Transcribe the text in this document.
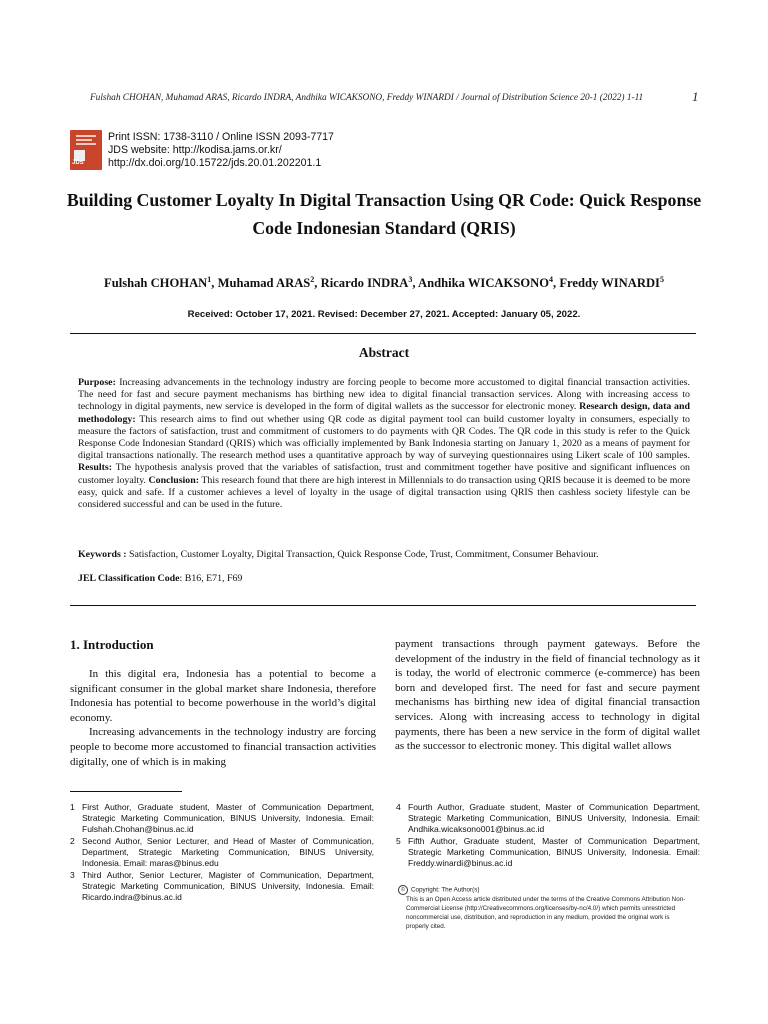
Fulshah CHOHAN, Muhamad ARAS, Ricardo INDRA, Andhika WICAKSONO, Freddy WINARDI / Journal of Distribution Science 20-1 (2022) 1-11	1
JDS
Print ISSN: 1738-3110 / Online ISSN 2093-7717
JDS website: http://kodisa.jams.or.kr/
http://dx.doi.org/10.15722/jds.20.01.202201.1
Building Customer Loyalty In Digital Transaction Using QR Code: Quick Response Code Indonesian Standard (QRIS)
Fulshah CHOHAN$^1$, Muhamad ARAS$^2$, Ricardo INDRA$^3$, Andhika WICAKSONO$^4$, Freddy WINARDI$^5$
Received: October 17, 2021. Revised: December 27, 2021. Accepted: January 05, 2022.
Abstract
Purpose: Increasing advancements in the technology industry are forcing people to become more accustomed to digital financial transaction activities. The need for fast and secure payment mechanisms has birthing new idea to digital financial transaction services. Along with increasing access to technology in digital payments, new service is developed in the form of digital wallets as the successor for electronic money. Research design, data and methodology: This research aims to find out whether using QR code as digital payment tool can build customer loyalty in consumers, especially to measure the factors of satisfaction, trust and commitment of customers to do payments with QR Codes. The QR code in this study is refer to the Quick Response Code Indonesian Standard (QRIS) which was officially implemented by Bank Indonesia starting on January 1, 2020 as a means of payment for digital transactions nationally. The research method uses a quantitative approach by way of surveying questionnaires using Likert scale of 100 samples. Results: The hypothesis analysis proved that the variables of satisfaction, trust and commitment together have positive and significant influences on customer loyalty. Conclusion: This research found that there are high interest in Millennials to do transaction using QRIS because it is deemed to be more easy, quick and safe. If a customer achieves a level of loyalty in the usage of digital transaction using QRIS then cashless society lifestyle can be considered successful and can be used in the future.
Keywords : Satisfaction, Customer Loyalty, Digital Transaction, Quick Response Code, Trust, Commitment, Consumer Behaviour.
JEL Classification Code: B16, E71, F69
1. Introduction

In this digital era, Indonesia has a potential to become a significant consumer in the global market share Indonesia, therefore Indonesia has potential to become powerhouse in the world’s digital economy.

Increasing advancements in the technology industry are forcing people to become more accustomed to financial transaction activities digitally, one of which is in making

payment transactions through payment gateways. Before the development of the industry in the field of financial technology as it is today, the world of electronic commerce (e-commerce) has been born and developed first. The need for fast and secure payment mechanisms has birthing new idea of digital financial transaction services. Along with increasing access to technology in digital payments, there has been a new service in the form of digital wallet as the successor to electronic money. This digital wallet allows

1 First Author, Graduate student, Master of Communication Department, Strategic Marketing Communication, BINUS University, Indonesia. Email: Fulshah.Chohan@binus.ac.id
2 Second Author, Senior Lecturer, and Head of Master of Communication, Department, Strategic Marketing Communication, BINUS University, Indonesia. Email: maras@binus.edu
3 Third Author, Senior Lecturer, Magister of Communication, Department, Strategic Marketing Communication, BINUS University, Indonesia. Email: Ricardo.indra@binus.ac.id
4 Fourth Author, Graduate student, Master of Communication Department, Strategic Marketing Communication, BINUS University, Indonesia. Email: Andhika.wicaksono001@binus.ac.id
5 Fifth Author, Graduate student, Master of Communication Department, Strategic Marketing Communication, BINUS University, Indonesia. Email: Freddy.winardi@binus.ac.id
© Copyright: The Author(s)
This is an Open Access article distributed under the terms of the Creative Commons Attribution Non-Commercial License (http://Creativecommons.org/licenses/by-nc/4.0/) which permits unrestricted noncommercial use, distribution, and reproduction in any medium, provided the original work is properly cited.
